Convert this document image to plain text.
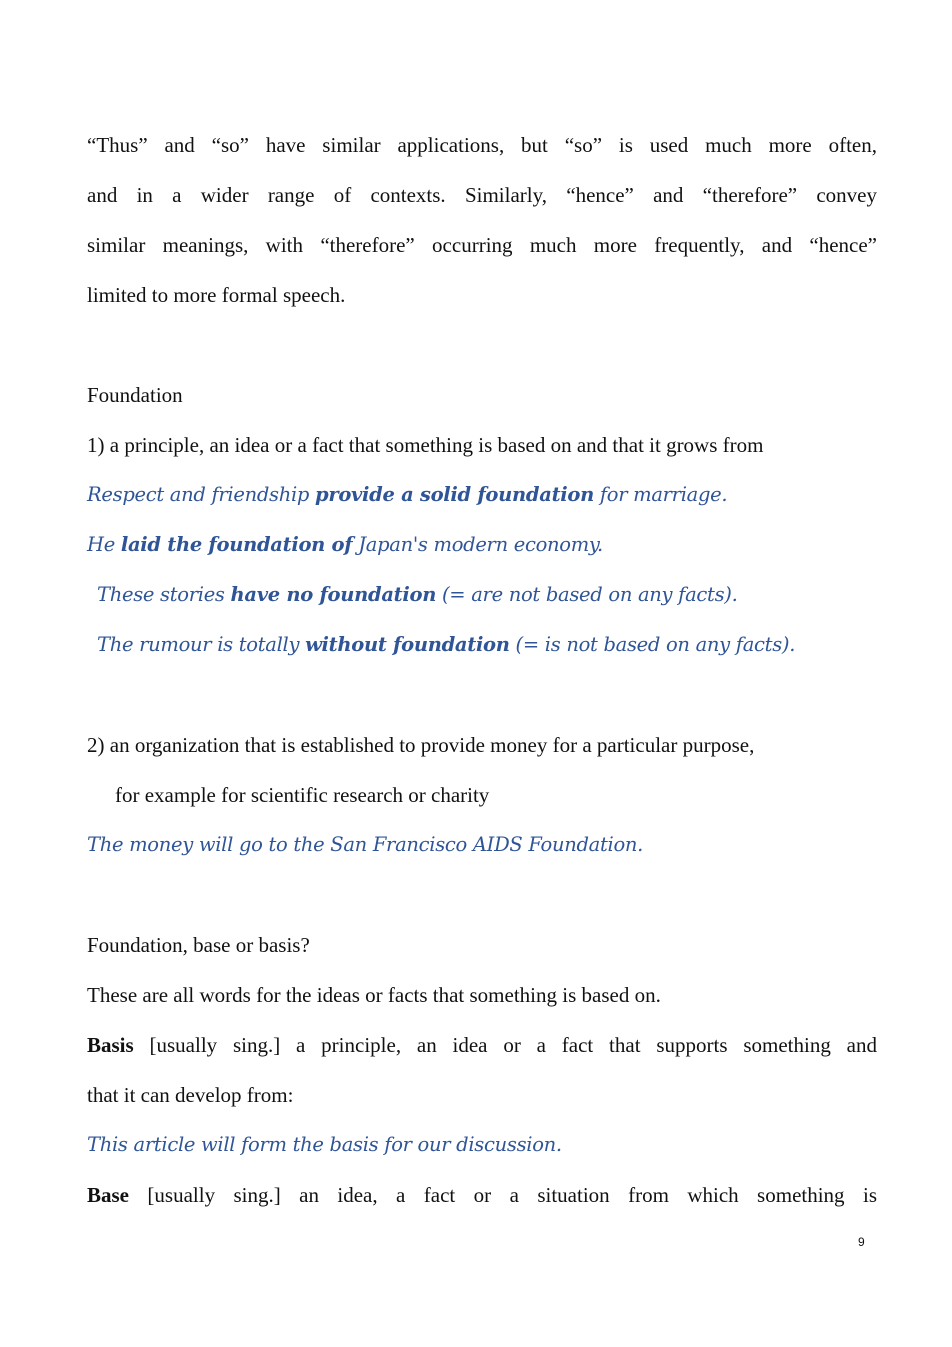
“Thus” and “so” have similar applications, but “so” is used much more often,
and in a wider range of contexts. Similarly, “hence” and “therefore” convey
similar meanings, with “therefore” occurring much more frequently, and “hence”
limited to more formal speech.
Foundation
1) a principle, an idea or a fact that something is based on and that it grows from
Respect and friendship provide a solid foundation for marriage.
He laid the foundation of Japan's modern economy.
These stories have no foundation (= are not based on any facts).
The rumour is totally without foundation (= is not based on any facts).
2) an organization that is established to provide money for a particular purpose,
for example for scientific research or charity
The money will go to the San Francisco AIDS Foundation.
Foundation, base or basis?
These are all words for the ideas or facts that something is based on.
Basis [usually sing.] a principle, an idea or a fact that supports something and
that it can develop from:
This article will form the basis for our discussion.
Base [usually sing.] an idea, a fact or a situation from which something is
9
